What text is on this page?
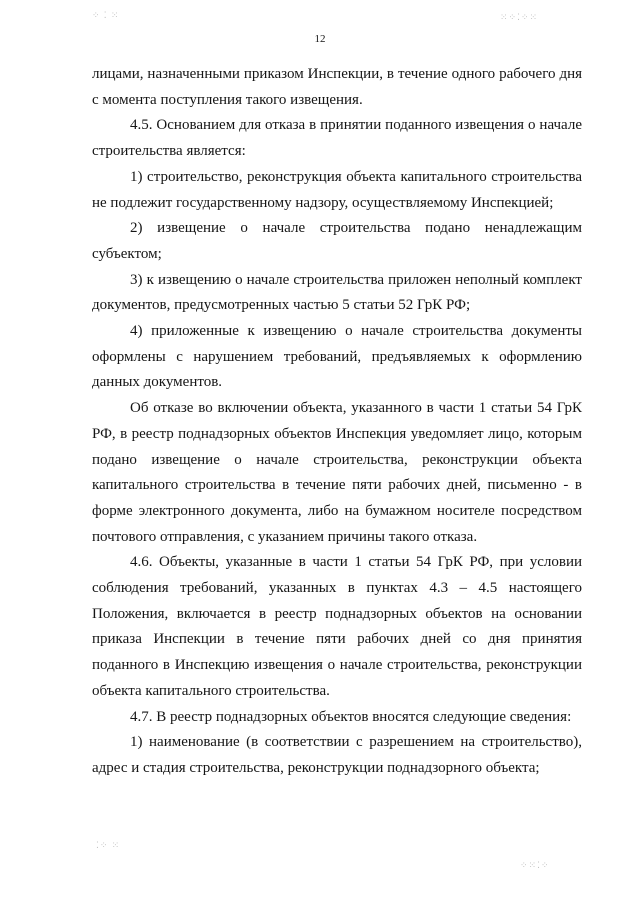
12

лицами, назначенными приказом Инспекции, в течение одного рабочего дня с момента поступления такого извещения.

4.5. Основанием для отказа в принятии поданного извещения о начале строительства является:

1) строительство, реконструкция объекта капитального строительства не подлежит государственному надзору, осуществляемому Инспекцией;

2) извещение о начале строительства подано ненадлежащим субъектом;

3) к извещению о начале строительства приложен неполный комплект документов, предусмотренных частью 5 статьи 52 ГрК РФ;

4) приложенные к извещению о начале строительства документы оформлены с нарушением требований, предъявляемых к оформлению данных документов.

Об отказе во включении объекта, указанного в части 1 статьи 54 ГрК РФ, в реестр поднадзорных объектов Инспекция уведомляет лицо, которым подано извещение о начале строительства, реконструкции объекта капитального строительства в течение пяти рабочих дней, письменно - в форме электронного документа, либо на бумажном носителе посредством почтового отправления, с указанием причины такого отказа.

4.6. Объекты, указанные в части 1 статьи 54 ГрК РФ, при условии соблюдения требований, указанных в пунктах 4.3 – 4.5 настоящего Положения, включается в реестр поднадзорных объектов на основании приказа Инспекции в течение пяти рабочих дней со дня принятия поданного в Инспекцию извещения о начале строительства, реконструкции объекта капитального строительства.

4.7. В реестр поднадзорных объектов вносятся следующие сведения:

1) наименование (в соответствии с разрешением на строительство), адрес и стадия строительства, реконструкции поднадзорного объекта;

⁘ ⁚ ⁙	⁙⁘⁚⁘⁙
⁚⁘ ⁙
⁘⁙⁚⁘
